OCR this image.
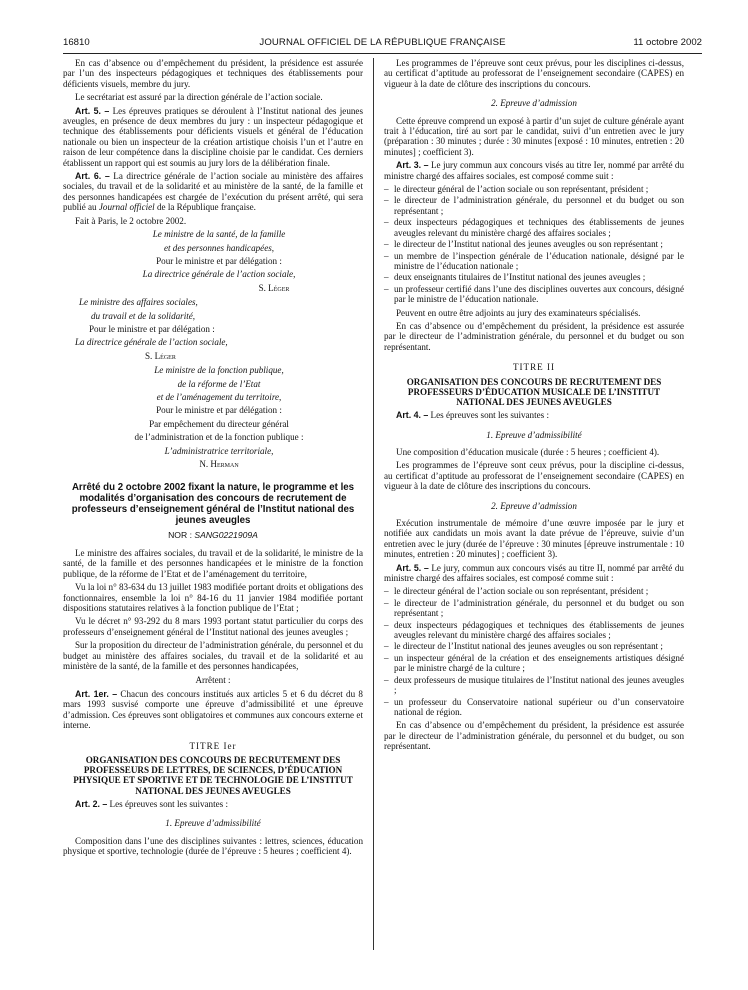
16810	JOURNAL OFFICIEL DE LA RÉPUBLIQUE FRANÇAISE	11 octobre 2002

En cas d’absence ou d’empêchement du président, la présidence est assurée par l’un des inspecteurs pédagogiques et techniques des établissements pour déficients visuels, membre du jury.

Le secrétariat est assuré par la direction générale de l’action sociale.

Art. 5. – Les épreuves pratiques se déroulent à l’Institut national des jeunes aveugles, en présence de deux membres du jury : un inspecteur pédagogique et technique des établissements pour déficients visuels et général de l’éducation nationale ou bien un inspecteur de la création artistique choisis l’un et l’autre en raison de leur compétence dans la discipline choisie par le candidat. Ces derniers établissent un rapport qui est soumis au jury lors de la délibération finale.

Art. 6. – La directrice générale de l’action sociale au ministère des affaires sociales, du travail et de la solidarité et au ministère de la santé, de la famille et des personnes handicapées est chargée de l’exécution du présent arrêté, qui sera publié au Journal officiel de la République française.

Fait à Paris, le 2 octobre 2002.

Le ministre de la santé, de la famille

et des personnes handicapées,

Pour le ministre et par délégation :

La directrice générale de l’action sociale,

S. Léger

Le ministre des affaires sociales,

du travail et de la solidarité,

Pour le ministre et par délégation :

La directrice générale de l’action sociale,

S. Léger

Le ministre de la fonction publique,

de la réforme de l’Etat

et de l’aménagement du territoire,

Pour le ministre et par délégation :

Par empêchement du directeur général

de l’administration et de la fonction publique :

L’administratrice territoriale,

N. Herman

Arrêté du 2 octobre 2002 fixant la nature, le programme et les modalités d’organisation des concours de recrutement de professeurs d’enseignement général de l’Institut national des jeunes aveugles
NOR : SANG0221909A

Le ministre des affaires sociales, du travail et de la solidarité, le ministre de la santé, de la famille et des personnes handicapées et le ministre de la fonction publique, de la réforme de l’Etat et de l’aménagement du territoire,

Vu la loi n° 83-634 du 13 juillet 1983 modifiée portant droits et obligations des fonctionnaires, ensemble la loi n° 84-16 du 11 janvier 1984 modifiée portant dispositions statutaires relatives à la fonction publique de l’Etat ;

Vu le décret n° 93-292 du 8 mars 1993 portant statut particulier du corps des professeurs d’enseignement général de l’Institut national des jeunes aveugles ;

Sur la proposition du directeur de l’administration générale, du personnel et du budget au ministère des affaires sociales, du travail et de la solidarité et au ministère de la santé, de la famille et des personnes handicapées,

Arrêtent :

Art. 1er. – Chacun des concours institués aux articles 5 et 6 du décret du 8 mars 1993 susvisé comporte une épreuve d’admissibilité et une épreuve d’admission. Ces épreuves sont obligatoires et communes aux concours externe et interne.

TITRE Ier
ORGANISATION DES CONCOURS DE RECRUTEMENT DES PROFESSEURS DE LETTRES, DE SCIENCES, D’ÉDUCATION PHYSIQUE ET SPORTIVE ET DE TECHNOLOGIE DE L’INSTITUT NATIONAL DES JEUNES AVEUGLES

Art. 2. – Les épreuves sont les suivantes :

1. Epreuve d’admissibilité

Composition dans l’une des disciplines suivantes : lettres, sciences, éducation physique et sportive, technologie (durée de l’épreuve : 5 heures ; coefficient 4).

Les programmes de l’épreuve sont ceux prévus, pour les disciplines ci-dessus, au certificat d’aptitude au professorat de l’enseignement secondaire (CAPES) en vigueur à la date de clôture des inscriptions du concours.

2. Epreuve d’admission

Cette épreuve comprend un exposé à partir d’un sujet de culture générale ayant trait à l’éducation, tiré au sort par le candidat, suivi d’un entretien avec le jury (préparation : 30 minutes ; durée : 30 minutes [exposé : 10 minutes, entretien : 20 minutes] ; coefficient 3).

Art. 3. – Le jury commun aux concours visés au titre Ier, nommé par arrêté du ministre chargé des affaires sociales, est composé comme suit :

– le directeur général de l’action sociale ou son représentant, président ;
– le directeur de l’administration générale, du personnel et du budget ou son représentant ;
– deux inspecteurs pédagogiques et techniques des établissements de jeunes aveugles relevant du ministère chargé des affaires sociales ;
– le directeur de l’Institut national des jeunes aveugles ou son représentant ;
– un membre de l’inspection générale de l’éducation nationale, désigné par le ministre de l’éducation nationale ;
– deux enseignants titulaires de l’Institut national des jeunes aveugles ;
– un professeur certifié dans l’une des disciplines ouvertes aux concours, désigné par le ministre de l’éducation nationale.

Peuvent en outre être adjoints au jury des examinateurs spécialisés.

En cas d’absence ou d’empêchement du président, la présidence est assurée par le directeur de l’administration générale, du personnel et du budget ou son représentant.

TITRE II
ORGANISATION DES CONCOURS DE RECRUTEMENT DES PROFESSEURS D’ÉDUCATION MUSICALE DE L’INSTITUT NATIONAL DES JEUNES AVEUGLES

Art. 4. – Les épreuves sont les suivantes :

1. Epreuve d’admissibilité

Une composition d’éducation musicale (durée : 5 heures ; coefficient 4).

Les programmes de l’épreuve sont ceux prévus, pour la discipline ci-dessus, au certificat d’aptitude au professorat de l’enseignement secondaire (CAPES) en vigueur à la date de clôture des inscriptions du concours.

2. Epreuve d’admission

Exécution instrumentale de mémoire d’une œuvre imposée par le jury et notifiée aux candidats un mois avant la date prévue de l’épreuve, suivie d’un entretien avec le jury (durée de l’épreuve : 30 minutes [épreuve instrumentale : 10 minutes, entretien : 20 minutes] ; coefficient 3).

Art. 5. – Le jury, commun aux concours visés au titre II, nommé par arrêté du ministre chargé des affaires sociales, est composé comme suit :

– le directeur général de l’action sociale ou son représentant, président ;
– le directeur de l’administration générale, du personnel et du budget ou son représentant ;
– deux inspecteurs pédagogiques et techniques des établissements de jeunes aveugles relevant du ministère chargé des affaires sociales ;
– le directeur de l’Institut national des jeunes aveugles ou son représentant ;
– un inspecteur général de la création et des enseignements artistiques désigné par le ministre chargé de la culture ;
– deux professeurs de musique titulaires de l’Institut national des jeunes aveugles ;
– un professeur du Conservatoire national supérieur ou d’un conservatoire national de région.

En cas d’absence ou d’empêchement du président, la présidence est assurée par le directeur de l’administration générale, du personnel et du budget, ou son représentant.
